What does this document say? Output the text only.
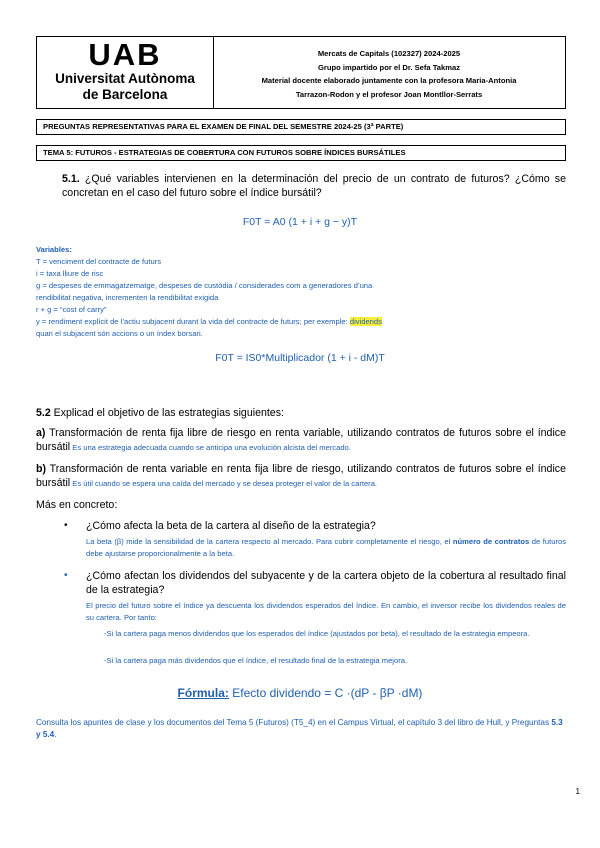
UAB
Universitat Autònoma
de Barcelona
Mercats de Capitals (102327) 2024-2025
Grupo impartido por el Dr. Sefa Takmaz
Material docente elaborado juntamente con la profesora Maria-Antonia
Tarrazon-Rodon y el profesor Joan Montllor-Serrats
PREGUNTAS REPRESENTATIVAS PARA EL EXAMEN DE FINAL DEL SEMESTRE 2024-25 (3ª PARTE)
TEMA 5: FUTUROS - ESTRATEGIAS DE COBERTURA CON FUTUROS SOBRE ÍNDICES BURSÁTILES
5.1. ¿Qué variables intervienen en la determinación del precio de un contrato de futuros? ¿Cómo se concretan en el caso del futuro sobre el índice bursátil?
F0T = A0 (1 + i + g − y)T
Variables:
T = venciment del contracte de futurs
i = taxa lliure de risc
g = despeses de emmagatzematge, despeses de custòdia / considerades com a generadores d’una
rendibilitat negativa, incrementen la rendibilitat exigida
r + g = “cost of carry”
y = rendiment explícit de l’actiu subjacent durant la vida del contracte de futurs; per exemple: dividends
quan el subjacent són accions o un índex borsari.
F0T = IS0*Multiplicador (1 + i - dM)T
5.2 Explicad el objetivo de las estrategias siguientes:
a) Transformación de renta fija libre de riesgo en renta variable, utilizando contratos de futuros sobre el índice bursátil Es una estrategia adecuada cuando se anticipa una evolución alcista del mercado.
b) Transformación de renta variable en renta fija libre de riesgo, utilizando contratos de futuros sobre el índice bursátil Es útil cuando se espera una caída del mercado y se desea proteger el valor de la cartera.
Más en concreto:
• ¿Cómo afecta la beta de la cartera al diseño de la estrategia?
La beta (β) mide la sensibilidad de la cartera respecto al mercado. Para cubrir completamente el riesgo, el número de contratos de futuros debe ajustarse proporcionalmente a la beta.
• ¿Cómo afectan los dividendos del subyacente y de la cartera objeto de la cobertura al resultado final de la estrategia?
El precio del futuro sobre el índice ya descuenta los dividendos esperados del índice. En cambio, el inversor recibe los dividendos reales de su cartera. Por tanto:
-Si la cartera paga menos dividendos que los esperados del índice (ajustados por beta), el resultado de la estrategia empeora.
-Si la cartera paga más dividendos que el índice, el resultado final de la estrategia mejora.
Fórmula: Efecto dividendo = C ·(dP - βP ·dM)
Consulta los apuntes de clase y los documentos del Tema 5 (Futuros) (T5_4) en el Campus Virtual, el capítulo 3 del libro de Hull, y Preguntas 5.3 y 5.4.
1
